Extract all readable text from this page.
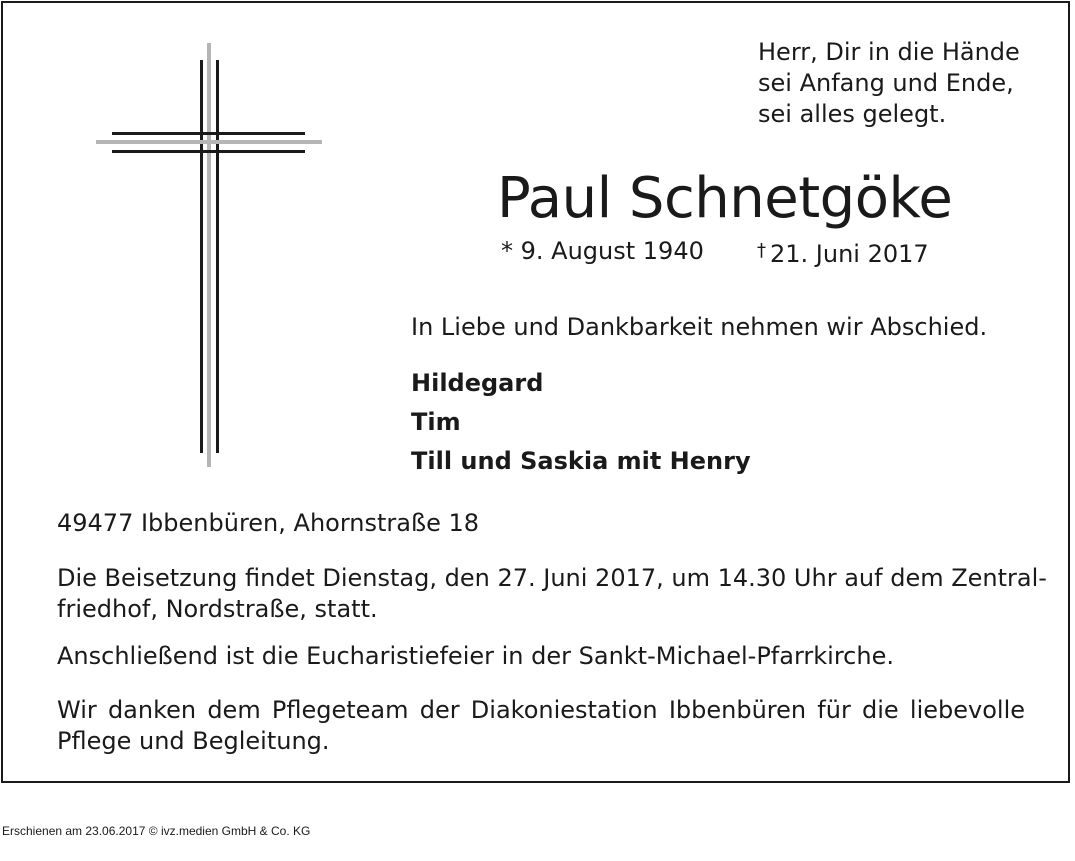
Herr, Dir in die Hände
sei Anfang und Ende,
sei alles gelegt.
Paul Schnetgöke
* 9. August 1940	† 21. Juni 2017
In Liebe und Dankbarkeit nehmen wir Abschied.
Hildegard
Tim
Till und Saskia mit Henry
49477 Ibbenbüren, Ahornstraße 18
Die Beisetzung findet Dienstag, den 27. Juni 2017, um 14.30 Uhr auf dem Zentral-
friedhof, Nordstraße, statt.
Anschließend ist die Eucharistiefeier in der Sankt-Michael-Pfarrkirche.
Wir danken dem Pflegeteam der Diakoniestation Ibbenbüren für die liebevolle
Pflege und Begleitung.
Erschienen am 23.06.2017 © ivz.medien GmbH & Co. KG
